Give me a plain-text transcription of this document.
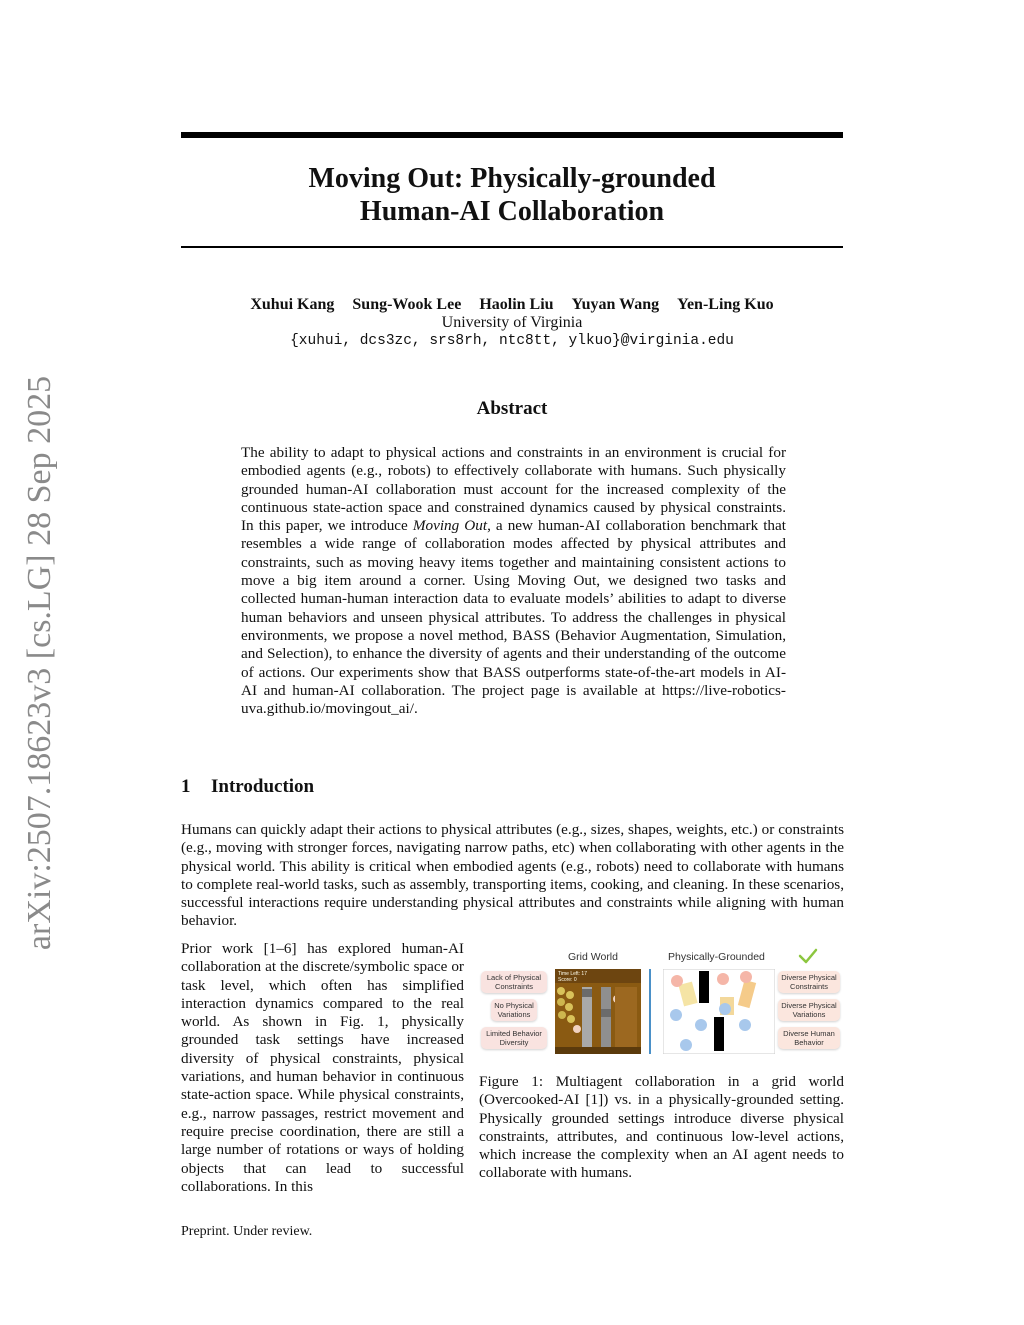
arXiv:2507.18623v3 [cs.LG] 28 Sep 2025
Moving Out: Physically-grounded
Human-AI Collaboration

Xuhui Kang Sung-Wook Lee Haolin Liu Yuyan Wang Yen-Ling Kuo

University of Virginia

{xuhui, dcs3zc, srs8rh, ntc8tt, ylkuo}@virginia.edu

Abstract

The ability to adapt to physical actions and constraints in an environment is crucial for embodied agents (e.g., robots) to effectively collaborate with humans. Such physically grounded human-AI collaboration must account for the increased complexity of the continuous state-action space and constrained dynamics caused by physical constraints. In this paper, we introduce Moving Out, a new human-AI collaboration benchmark that resembles a wide range of collaboration modes affected by physical attributes and constraints, such as moving heavy items together and maintaining consistent actions to move a big item around a corner. Using Moving Out, we designed two tasks and collected human-human interaction data to evaluate models’ abilities to adapt to diverse human behaviors and unseen physical attributes. To address the challenges in physical environments, we propose a novel method, BASS (Behavior Augmentation, Simulation, and Selection), to enhance the diversity of agents and their understanding of the outcome of actions. Our experiments show that BASS outperforms state-of-the-art models in AI-AI and human-AI collaboration. The project page is available at https://live-robotics-uva.github.io/movingout_ai/.

1 Introduction

Humans can quickly adapt their actions to physical attributes (e.g., sizes, shapes, weights, etc.) or constraints (e.g., moving with stronger forces, navigating narrow paths, etc) when collaborating with other agents in the physical world. This ability is critical when embodied agents (e.g., robots) need to collaborate with humans to complete real-world tasks, such as assembly, transporting items, cooking, and cleaning. In these scenarios, successful interactions require understanding physical attributes and constraints while aligning with human behavior.

Prior work [1–6] has explored human-AI collaboration at the discrete/symbolic space or task level, which often has simplified interaction dynamics compared to the real world. As shown in Fig. 1, physically grounded task settings have increased diversity of physical constraints, physical variations, and human behavior in continuous state-action space. While physical constraints, e.g., narrow passages, restrict movement and require precise coordination, there are still a large number of rotations or ways of holding objects that can lead to successful collaborations. In this

Grid World	Physically-Grounded
Lack of Physical Constraints
No Physical Variations
Limited Behavior Diversity
Time Left: 17
Score: 0	Diverse Physical Constraints
Diverse Physical Variations
Diverse Human Behavior

Figure 1: Multiagent collaboration in a grid world (Overcooked-AI [1]) vs. in a physically-grounded setting. Physically grounded settings introduce diverse physical constraints, attributes, and continuous low-level actions, which increase the complexity when an AI agent needs to collaborate with humans.

Preprint. Under review.
